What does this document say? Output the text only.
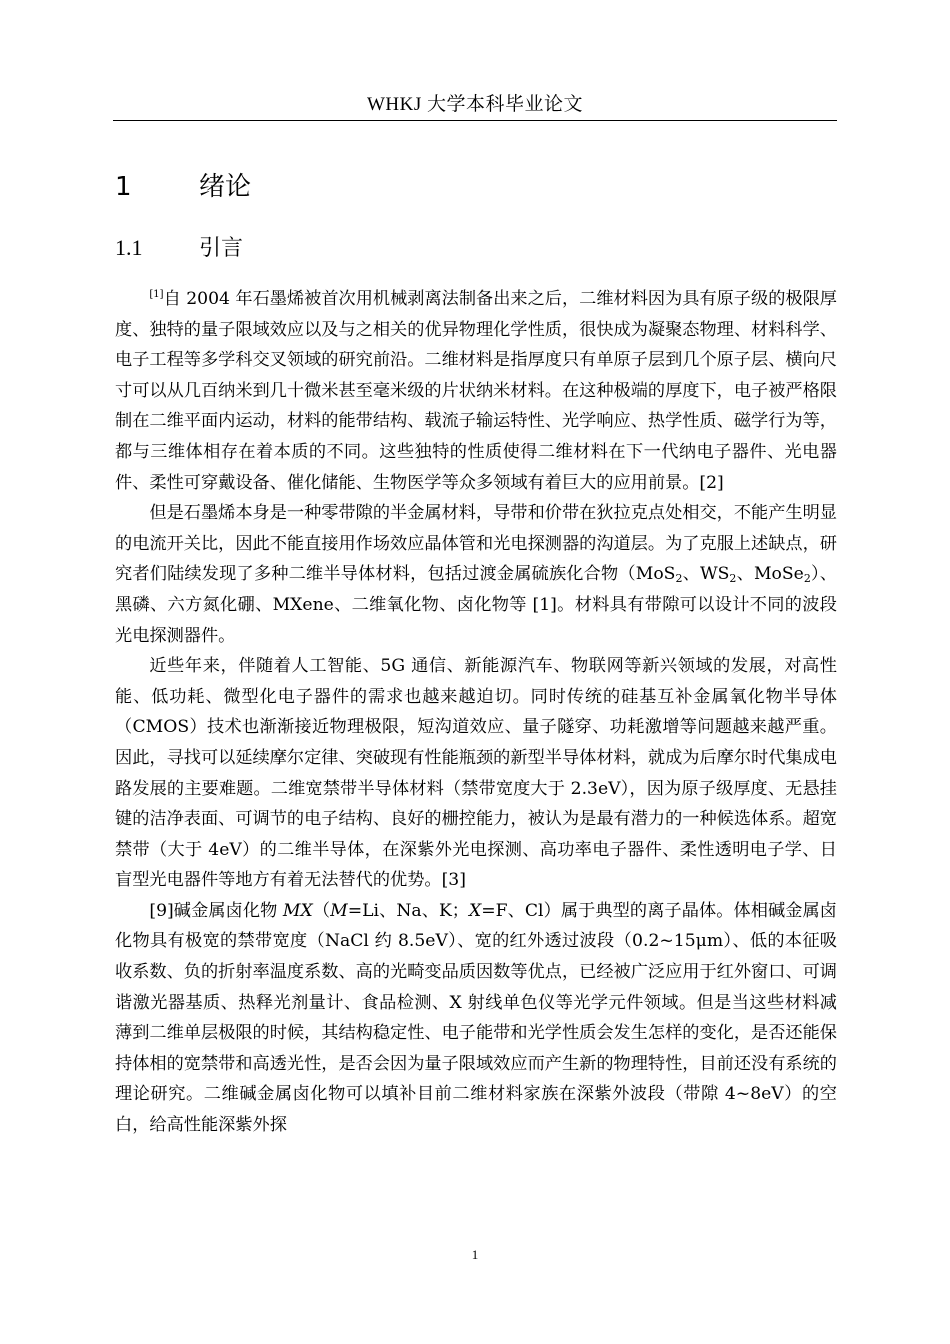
WHKJ 大学本科毕业论文
1	绪论
1.1	引言

[1]自 2004 年石墨烯被首次用机械剥离法制备出来之后，二维材料因为具有原子级的极限厚度、独特的量子限域效应以及与之相关的优异物理化学性质，很快成为凝聚态物理、材料科学、电子工程等多学科交叉领域的研究前沿。二维材料是指厚度只有单原子层到几个原子层、横向尺寸可以从几百纳米到几十微米甚至毫米级的片状纳米材料。在这种极端的厚度下，电子被严格限制在二维平面内运动，材料的能带结构、载流子输运特性、光学响应、热学性质、磁学行为等，都与三维体相存在着本质的不同。这些独特的性质使得二维材料在下一代纳电子器件、光电器件、柔性可穿戴设备、催化储能、生物医学等众多领域有着巨大的应用前景。[2]

但是石墨烯本身是一种零带隙的半金属材料，导带和价带在狄拉克点处相交，不能产生明显的电流开关比，因此不能直接用作场效应晶体管和光电探测器的沟道层。为了克服上述缺点，研究者们陆续发现了多种二维半导体材料，包括过渡金属硫族化合物（MoS$_2$、$WS_2$、MoSe$_2$）、黑磷、六方氮化硼、MXene、二维氧化物、卤化物等 [1]。材料具有带隙可以设计不同的波段光电探测器件。

近些年来，伴随着人工智能、5G 通信、新能源汽车、物联网等新兴领域的发展，对高性能、低功耗、微型化电子器件的需求也越来越迫切。同时传统的硅基互补金属氧化物半导体（CMOS）技术也渐渐接近物理极限，短沟道效应、量子隧穿、功耗激增等问题越来越严重。因此，寻找可以延续摩尔定律、突破现有性能瓶颈的新型半导体材料，就成为后摩尔时代集成电路发展的主要难题。二维宽禁带半导体材料（禁带宽度大于 2.3eV），因为原子级厚度、无悬挂键的洁净表面、可调节的电子结构、良好的栅控能力，被认为是最有潜力的一种候选体系。超宽禁带（大于 4eV）的二维半导体，在深紫外光电探测、高功率电子器件、柔性透明电子学、日盲型光电器件等地方有着无法替代的优势。[3]

[9]碱金属卤化物 MX（M=Li、Na、K；X=F、Cl）属于典型的离子晶体。体相碱金属卤化物具有极宽的禁带宽度（NaCl 约 8.5eV）、宽的红外透过波段（0.2~15μm）、低的本征吸收系数、负的折射率温度系数、高的光畸变品质因数等优点，已经被广泛应用于红外窗口、可调谐激光器基质、热释光剂量计、食品检测、X 射线单色仪等光学元件领域。但是当这些材料减薄到二维单层极限的时候，其结构稳定性、电子能带和光学性质会发生怎样的变化，是否还能保持体相的宽禁带和高透光性，是否会因为量子限域效应而产生新的物理特性，目前还没有系统的理论研究。二维碱金属卤化物可以填补目前二维材料家族在深紫外波段（带隙 4~8eV）的空白，给高性能深紫外探

1
